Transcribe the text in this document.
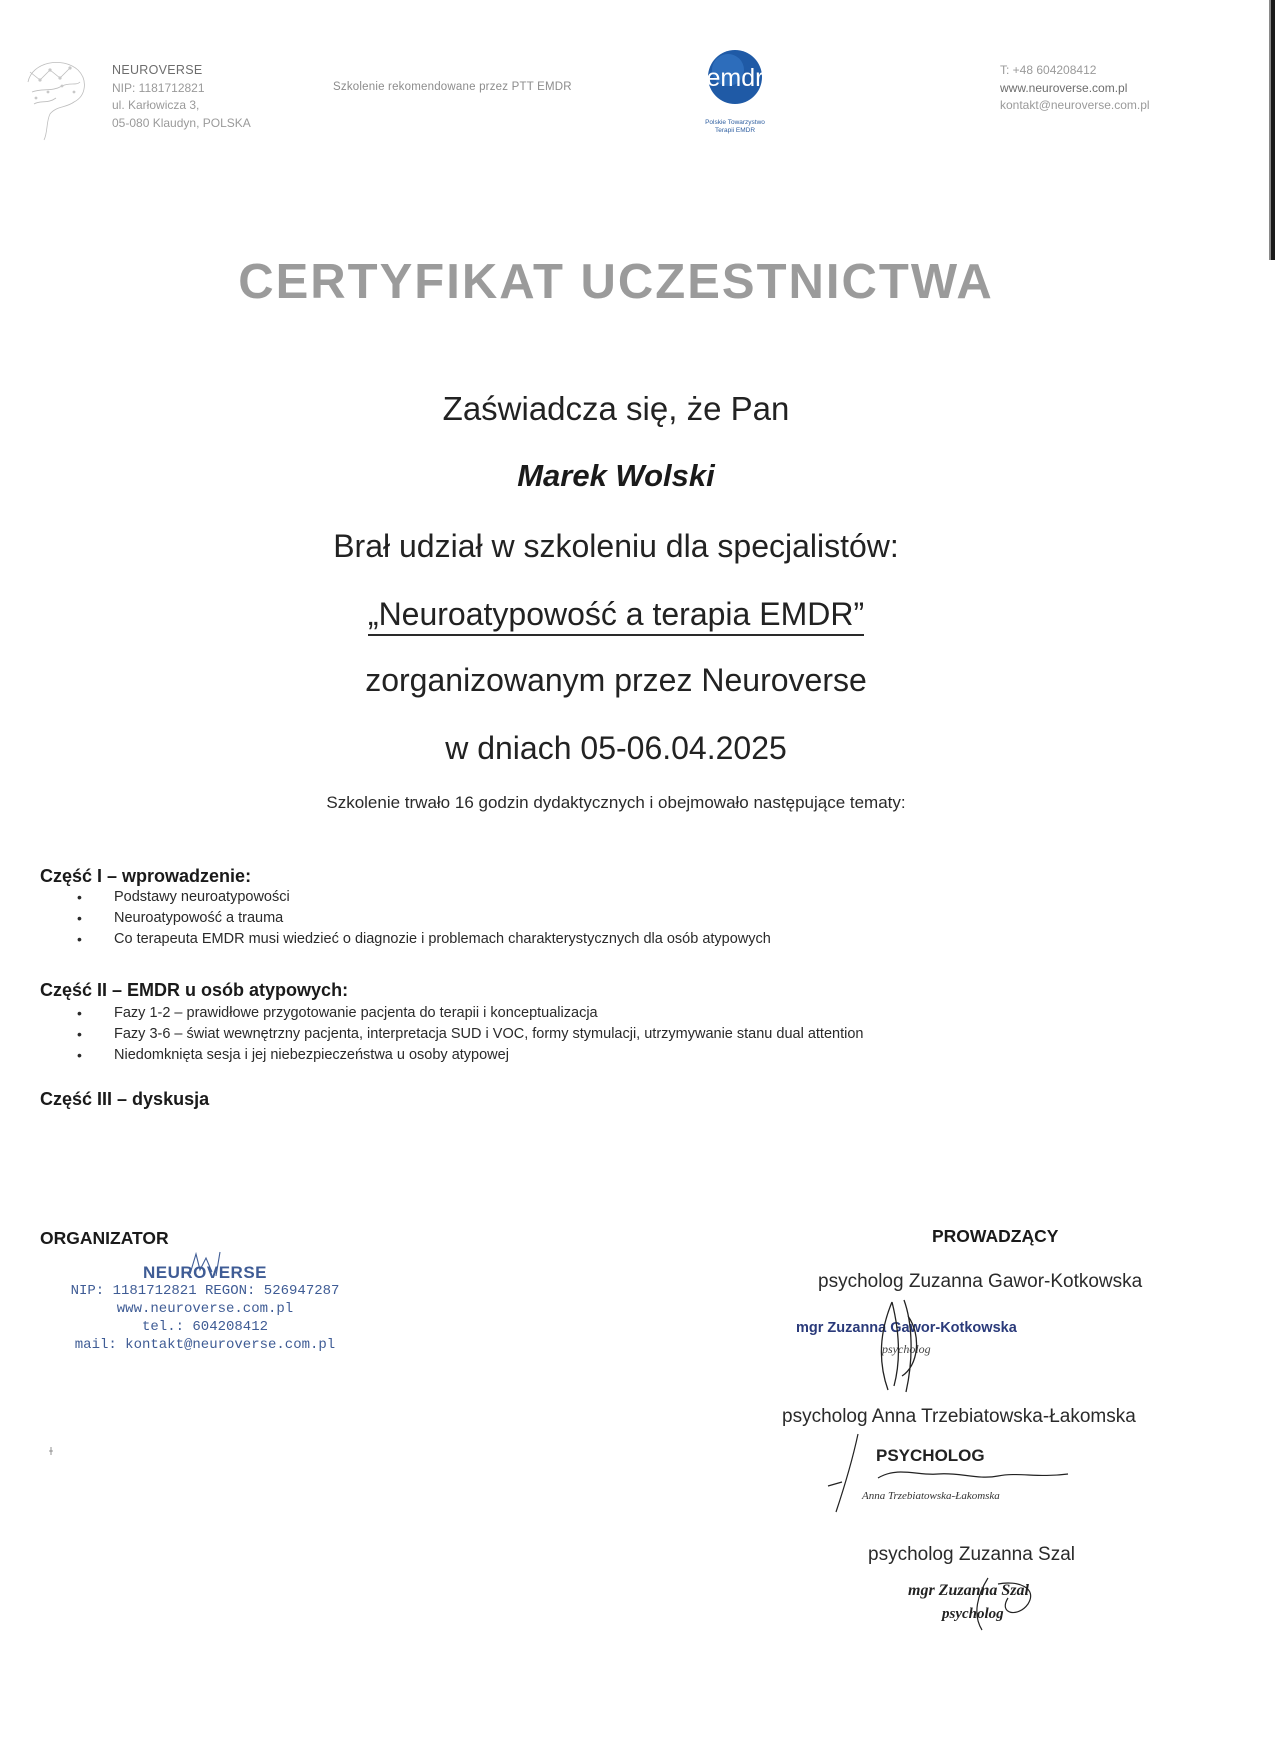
NEUROVERSE
NIP: 1181712821
ul. Karłowicza 3,
05-080 Klaudyn, POLSKA
Szkolenie rekomendowane przez PTT EMDR	emdr
Polskie Towarzystwo
Terapii EMDR
T: +48 604208412
www.neuroverse.com.pl
kontakt@neuroverse.com.pl
CERTYFIKAT UCZESTNICTWA
Zaświadcza się, że Pan
Marek Wolski
Brał udział w szkoleniu dla specjalistów:
„Neuroatypowość a terapia EMDR”
zorganizowanym przez Neuroverse
w dniach 05-06.04.2025
Szkolenie trwało 16 godzin dydaktycznych i obejmowało następujące tematy:
Część I – wprowadzenie:
• Podstawy neuroatypowości
• Neuroatypowość a trauma
• Co terapeuta EMDR musi wiedzieć o diagnozie i problemach charakterystycznych dla osób atypowych
Część II – EMDR u osób atypowych:
• Fazy 1-2 – prawidłowe przygotowanie pacjenta do terapii i konceptualizacja
• Fazy 3-6 – świat wewnętrzny pacjenta, interpretacja SUD i VOC, formy stymulacji, utrzymywanie stanu dual attention
• Niedomknięta sesja i jej niebezpieczeństwa u osoby atypowej
Część III – dyskusja
ORGANIZATOR
NEUROVERSE
NIP: 1181712821 REGON: 526947287
www.neuroverse.com.pl
tel.: 604208412
mail: kontakt@neuroverse.com.pl
PROWADZĄCY
psycholog Zuzanna Gawor-Kotkowska
mgr Zuzanna Gawor-Kotkowska
psycholog
psycholog Anna Trzebiatowska-Łakomska
PSYCHOLOG
Anna Trzebiatowska-Łakomska
psycholog Zuzanna Szal
mgr Zuzanna Szal
psycholog
